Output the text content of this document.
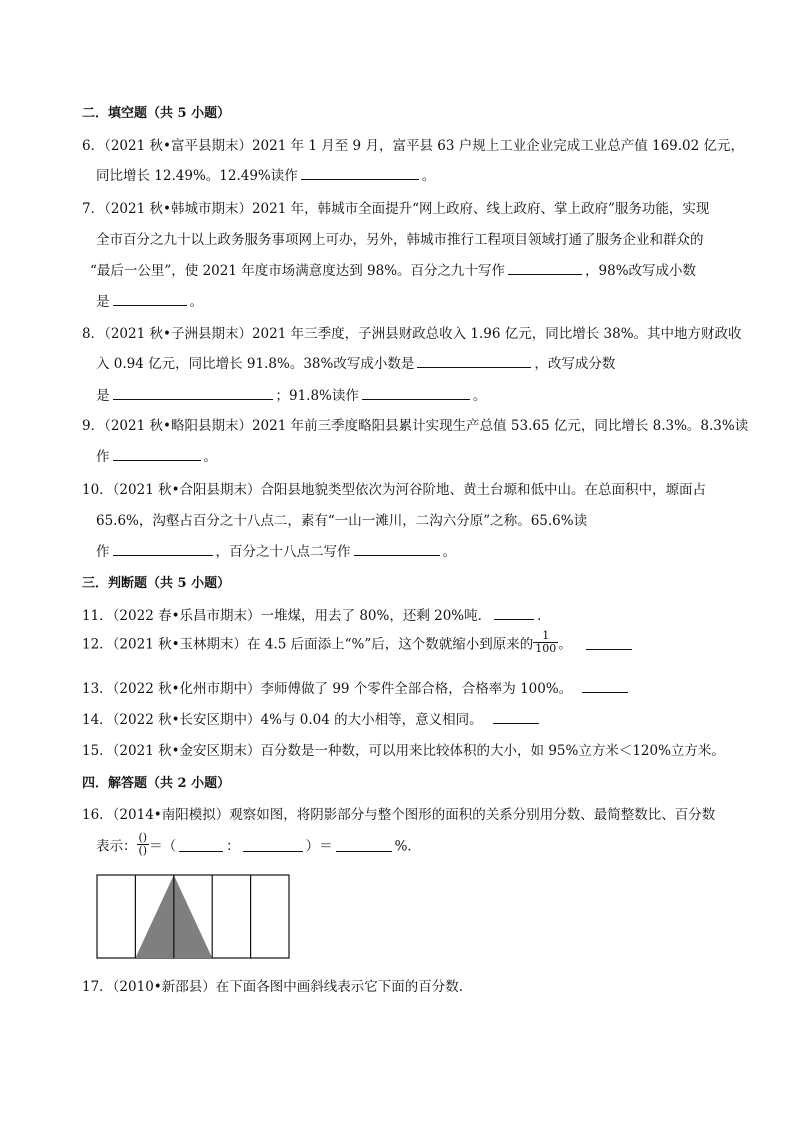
二．填空题（共 5 小题）
6．（2021 秋•富平县期末）2021 年 1 月至 9 月，富平县 63 户规上工业企业完成工业总产值 169.02 亿元，
同比增长 12.49%。12.49%读作	。
7．（2021 秋•韩城市期末）2021 年，韩城市全面提升“网上政府、线上政府、掌上政府”服务功能，实现
全市百分之九十以上政务服务事项网上可办，另外，韩城市推行工程项目领域打通了服务企业和群众的
“最后一公里”，使 2021 年度市场满意度达到 98%。百分之九十写作	，98%改写成小数
是	。
8．（2021 秋•子洲县期末）2021 年三季度，子洲县财政总收入 1.96 亿元，同比增长 38%。其中地方财政收
入 0.94 亿元，同比增长 91.8%。38%改写成小数是	，改写成分数
是	；91.8%读作	。
9．（2021 秋•略阳县期末）2021 年前三季度略阳县累计实现生产总值 53.65 亿元，同比增长 8.3%。8.3%读
作	。
10．（2021 秋•合阳县期末）合阳县地貌类型依次为河谷阶地、黄土台塬和低中山。在总面积中，塬面占
65.6%，沟壑占百分之十八点二，素有“一山一滩川，二沟六分原”之称。65.6%读
作	，百分之十八点二写作	。
三．判断题（共 5 小题）
11．（2022 春•乐昌市期末）一堆煤，用去了 80%，还剩 20%吨．	．
12．（2021 秋•玉林期末）在 4.5 后面添上“%”后，这个数就缩小到原来的 $\frac{1}{100}$ 。
13．（2022 秋•化州市期中）李师傅做了 99 个零件全部合格，合格率为 100%。
14．（2022 秋•长安区期中）4%与 0.04 的大小相等，意义相同。
15．（2021 秋•金安区期末）百分数是一种数，可以用来比较体积的大小，如 95%立方米＜120%立方米。
四．解答题（共 2 小题）
16．（2014•南阳模拟）观察如图，将阴影部分与整个图形的面积的关系分别用分数、最简整数比、百分数
表示： $\frac{()}{()}$ ＝（	：	）＝	%．
17．（2010•新邵县）在下面各图中画斜线表示它下面的百分数.
